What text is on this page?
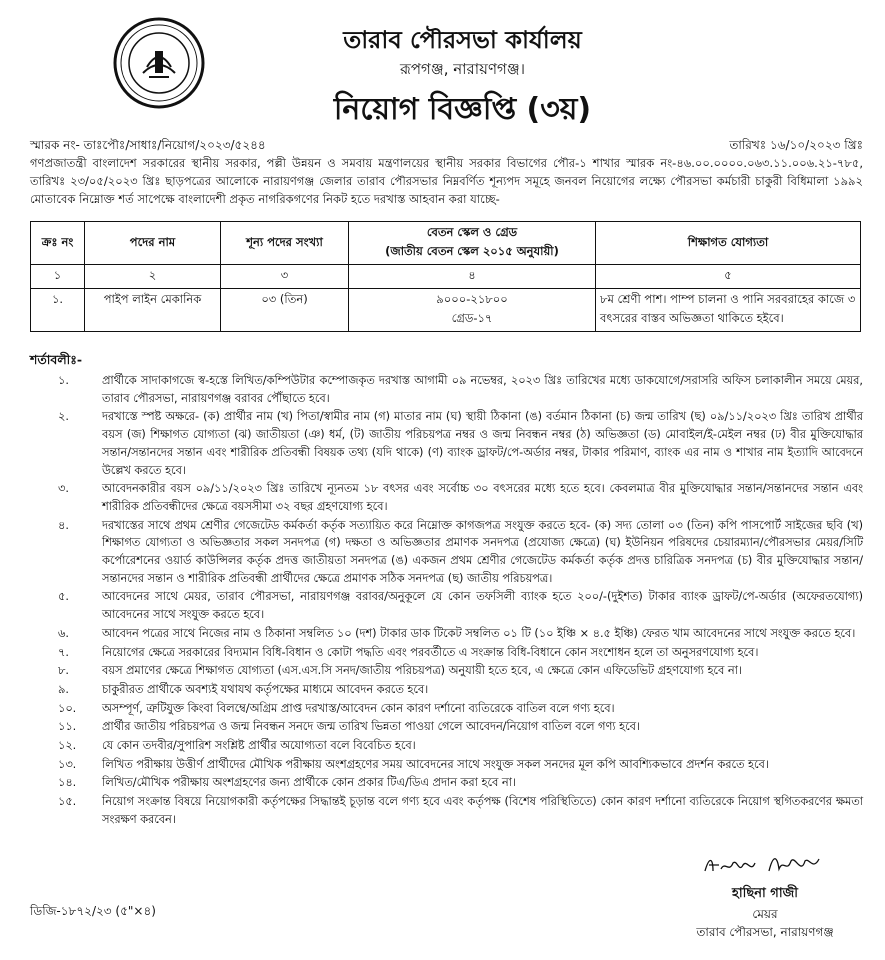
তারাব পৌরসভা কার্যালয়
রূপগঞ্জ, নারায়ণগঞ্জ।
নিয়োগ বিজ্ঞপ্তি (৩য়)
স্মারক নং- তাঃপৌঃ/সাধাঃ/নিয়োগ/২০২৩/৫২৪৪	তারিখঃ ১৬/১০/২০২৩ খ্রিঃ
গণপ্রজাতন্ত্রী বাংলাদেশ সরকারের স্থানীয় সরকার, পল্লী উন্নয়ন ও সমবায় মন্ত্রণালয়ের স্থানীয় সরকার বিভাগের পৌর-১ শাখার স্মারক নং-৪৬.০০.০০০০.০৬৩.১১.০০৬.২১-৭৮৫, তারিখঃ ২৩/০৫/২০২৩ খ্রিঃ ছাড়পত্রের আলোকে নারায়ণগঞ্জ জেলার তারাব পৌরসভার নিম্নবর্ণিত শূন্যপদ সমূহে জনবল নিয়োগের লক্ষ্যে পৌরসভা কর্মচারী চাকুরী বিধিমালা ১৯৯২ মোতাবেক নিম্নোক্ত শর্ত সাপেক্ষে বাংলাদেশী প্রকৃত নাগরিকগণের নিকট হতে দরখাস্ত আহবান করা যাচ্ছে-
ক্রঃ নং	পদের নাম	শূন্য পদের সংখ্যা	বেতন স্কেল ও গ্রেড
(জাতীয় বেতন স্কেল ২০১৫ অনুযায়ী)	শিক্ষাগত যোগ্যতা
১	২	৩	৪	৫
১.	পাইপ লাইন মেকানিক	০৩ (তিন)	৯০০০-২১৮০০
গ্রেড-১৭	৮ম শ্রেণী পাশ। পাম্প চালনা ও পানি সরবরাহের কাজে ৩ বৎসরের বাস্তব অভিজ্ঞতা থাকিতে হইবে।
শর্তাবলীঃ-
১.	প্রার্থীকে সাদাকাগজে স্ব-হস্তে লিখিত/কম্পিউটার কম্পোজকৃত দরখাস্ত আগামী ০৯ নভেম্বর, ২০২৩ খ্রিঃ তারিখের মধ্যে ডাকযোগে/সরাসরি অফিস চলাকালীন সময়ে মেয়র, তারাব পৌরসভা, নারায়ণগঞ্জ বরাবর পৌঁছাতে হবে।
২.	দরখাস্তে স্পষ্ট অক্ষরে- (ক) প্রার্থীর নাম (খ) পিতা/স্বামীর নাম (গ) মাতার নাম (ঘ) স্থায়ী ঠিকানা (ঙ) বর্তমান ঠিকানা (চ) জন্ম তারিখ (ছ) ০৯/১১/২০২৩ খ্রিঃ তারিখ প্রার্থীর বয়স (জ) শিক্ষাগত যোগ্যতা (ঝ) জাতীয়তা (ঞ) ধর্ম, (ট) জাতীয় পরিচয়পত্র নম্বর ও জন্ম নিবন্ধন নম্বর (ঠ) অভিজ্ঞতা (ড) মোবাইল/ই-মেইল নম্বর (ঢ) বীর মুক্তিযোদ্ধার সন্তান/সন্তানদের সন্তান এবং শারীরিক প্রতিবন্ধী বিষয়ক তথ্য (যদি থাকে) (ণ) ব্যাংক ড্রাফট/পে-অর্ডার নম্বর, টাকার পরিমাণ, ব্যাংক এর নাম ও শাখার নাম ইত্যাদি আবেদনে উল্লেখ করতে হবে।
৩.	আবেদনকারীর বয়স ০৯/১১/২০২৩ খ্রিঃ তারিখে ন্যূনতম ১৮ বৎসর এবং সর্বোচ্চ ৩০ বৎসরের মধ্যে হতে হবে। কেবলমাত্র বীর মুক্তিযোদ্ধার সন্তান/সন্তানদের সন্তান এবং শারীরিক প্রতিবন্ধীদের ক্ষেত্রে বয়সসীমা ৩২ বছর গ্রহণযোগ্য হবে।
৪.	দরখাস্তের সাথে প্রথম শ্রেণীর গেজেটেড কর্মকর্তা কর্তৃক সত্যায়িত করে নিম্নোক্ত কাগজপত্র সংযুক্ত করতে হবে- (ক) সদ্য তোলা ০৩ (তিন) কপি পাসপোর্ট সাইজের ছবি (খ) শিক্ষাগত যোগ্যতা ও অভিজ্ঞতার সকল সনদপত্র (গ) দক্ষতা ও অভিজ্ঞতার প্রমাণক সনদপত্র (প্রযোজ্য ক্ষেত্রে) (ঘ) ইউনিয়ন পরিষদের চেয়ারম্যান/পৌরসভার মেয়র/সিটি কর্পোরেশনের ওয়ার্ড কাউন্সিলর কর্তৃক প্রদত্ত জাতীয়তা সনদপত্র (ঙ) একজন প্রথম শ্রেণীর গেজেটেড কর্মকর্তা কর্তৃক প্রদত্ত চারিত্রিক সনদপত্র (চ) বীর মুক্তিযোদ্ধার সন্তান/সন্তানদের সন্তান ও শারীরিক প্রতিবন্ধী প্রার্থীদের ক্ষেত্রে প্রমাণক সঠিক সনদপত্র (ছ) জাতীয় পরিচয়পত্র।
৫.	আবেদনের সাথে মেয়র, তারাব পৌরসভা, নারায়ণগঞ্জ বরাবর/অনুকূলে যে কোন তফসিলী ব্যাংক হতে ২০০/-(দুইশত) টাকার ব্যাংক ড্রাফট/পে-অর্ডার (অফেরতযোগ্য) আবেদনের সাথে সংযুক্ত করতে হবে।
৬.	আবেদন পত্রের সাথে নিজের নাম ও ঠিকানা সম্বলিত ১০ (দশ) টাকার ডাক টিকেট সম্বলিত ০১ টি (১০ ইঞ্চি × ৪.৫ ইঞ্চি) ফেরত খাম আবেদনের সাথে সংযুক্ত করতে হবে।
৭.	নিয়োগের ক্ষেত্রে সরকারের বিদ্যমান বিধি-বিধান ও কোটা পদ্ধতি এবং পরবর্তীতে এ সংক্রান্ত বিধি-বিধানে কোন সংশোধন হলে তা অনুসরণযোগ্য হবে।
৮.	বয়স প্রমাণের ক্ষেত্রে শিক্ষাগত যোগ্যতা (এস.এস.সি সনদ/জাতীয় পরিচয়পত্র) অনুযায়ী হতে হবে, এ ক্ষেত্রে কোন এফিডেভিট গ্রহণযোগ্য হবে না।
৯.	চাকুরীরত প্রার্থীকে অবশ্যই যথাযথ কর্তৃপক্ষের মাধ্যমে আবেদন করতে হবে।
১০.	অসম্পূর্ণ, ত্রুটিযুক্ত কিংবা বিলম্বে/অগ্রিম প্রাপ্ত দরখাস্ত/আবেদন কোন কারণ দর্শানো ব্যতিরেকে বাতিল বলে গণ্য হবে।
১১.	প্রার্থীর জাতীয় পরিচয়পত্র ও জন্ম নিবন্ধন সনদে জন্ম তারিখ ভিন্নতা পাওয়া গেলে আবেদন/নিয়োগ বাতিল বলে গণ্য হবে।
১২.	যে কোন তদবীর/সুপারিশ সংশ্লিষ্ট প্রার্থীর অযোগ্যতা বলে বিবেচিত হবে।
১৩.	লিখিত পরীক্ষায় উত্তীর্ণ প্রার্থীদের মৌখিক পরীক্ষায় অংশগ্রহণের সময় আবেদনের সাথে সংযুক্ত সকল সনদের মূল কপি আবশ্যিকভাবে প্রদর্শন করতে হবে।
১৪.	লিখিত/মৌখিক পরীক্ষায় অংশগ্রহণের জন্য প্রার্থীকে কোন প্রকার টিএ/ডিএ প্রদান করা হবে না।
১৫.	নিয়োগ সংক্রান্ত বিষয়ে নিয়োগকারী কর্তৃপক্ষের সিদ্ধান্তই চূড়ান্ত বলে গণ্য হবে এবং কর্তৃপক্ষ (বিশেষ পরিস্থিতিতে) কোন কারণ দর্শানো ব্যতিরেকে নিয়োগ স্থগিতকরণের ক্ষমতা সংরক্ষণ করবেন।
হাছিনা গাজী
মেয়র
তারাব পৌরসভা, নারায়ণগঞ্জ
ডিজি-১৮৭২/২৩ (৫"×৪)
